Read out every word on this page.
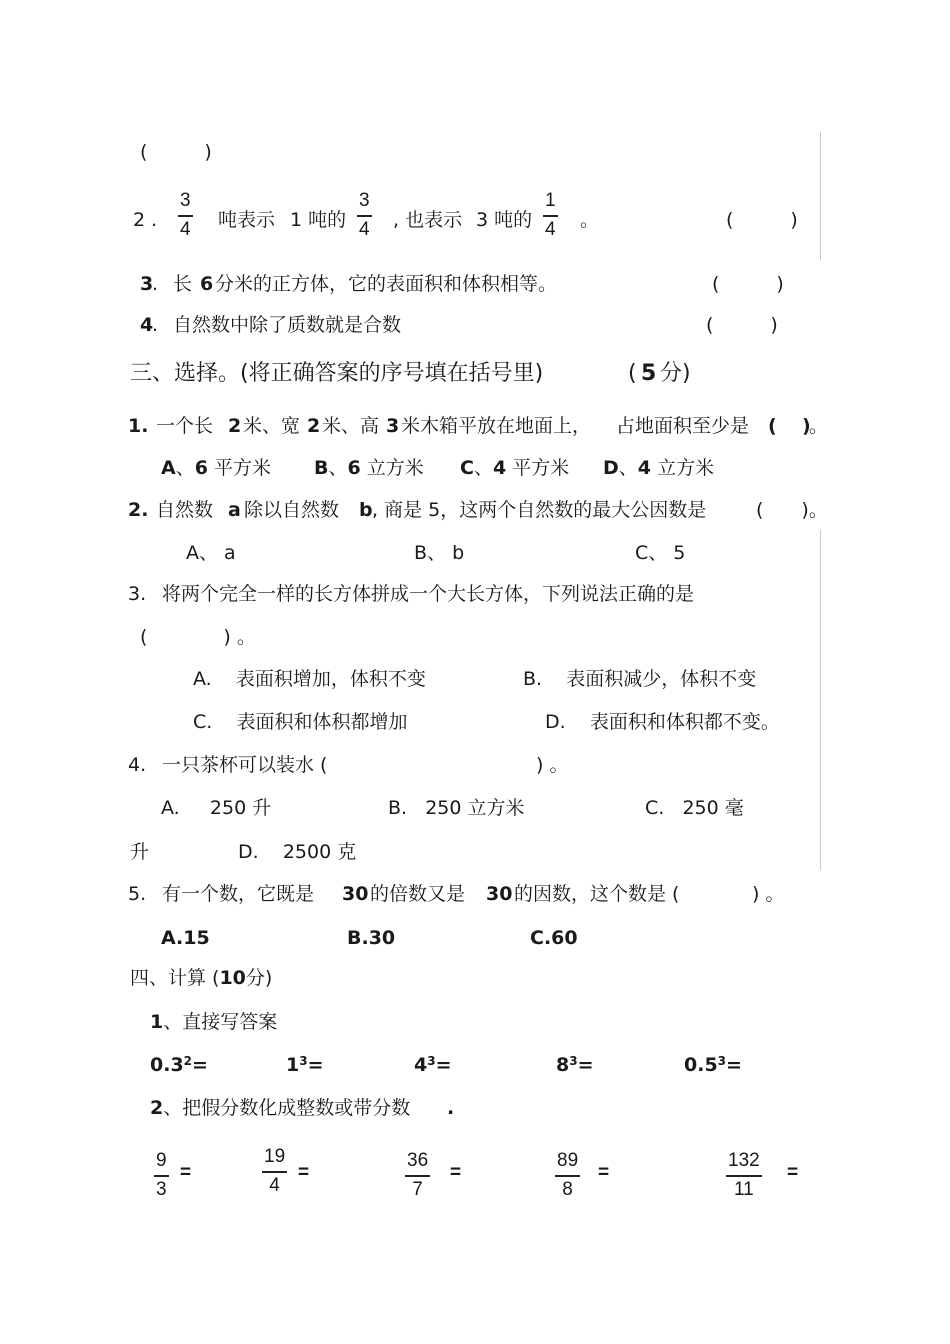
(　　　)
2 .
3
4 吨表示 1 吨的
3
4 , 也表示 3 吨的
1
4 。	(　　　)
3
. 长 6 分米的正方体，它的表面积和体积相等。	(　　　)
4
. 自然数中除了质数就是合数	(　　　)
三、选择。(将正确答案的序号填在括号里)	( 5 分)
1. 一个长 2 米、宽 2 米、高 3 米木箱平放在地面上， 占地面积至少是 ( )
。
A、6 平方米 B、6 立方米 C、4 平方米 D、4 立方米
2. 自然数 a 除以自然数 b , 商是 5，这两个自然数的最大公因数是	(　　)。
A、 a	B、 b	C、 5
3. 将两个完全一样的长方体拼成一个大长方体，下列说法正确的是
(　　　　) 。
A. 表面积增加，体积不变	B. 表面积减少，体积不变
C. 表面积和体积都增加	D. 表面积和体积都不变。
4. 一只茶杯可以装水 (	) 。
A. 250 升	B. 250 立方米	C. 250 毫
升	D. 2500 克
5. 有一个数，它既是 30 的倍数又是 30 的因数，这个数是 (	) 。
A.15	B.30	C.60
四、计算 (10分)
1、直接写答案
$0.3^2=$	$1^3=$	$4^3=$	$8^3=$	$0.5^3=$
2、把假分数化成整数或带分数 .
9
3
=
19
4
=
36
7
=
89
8
=
132
11
=
